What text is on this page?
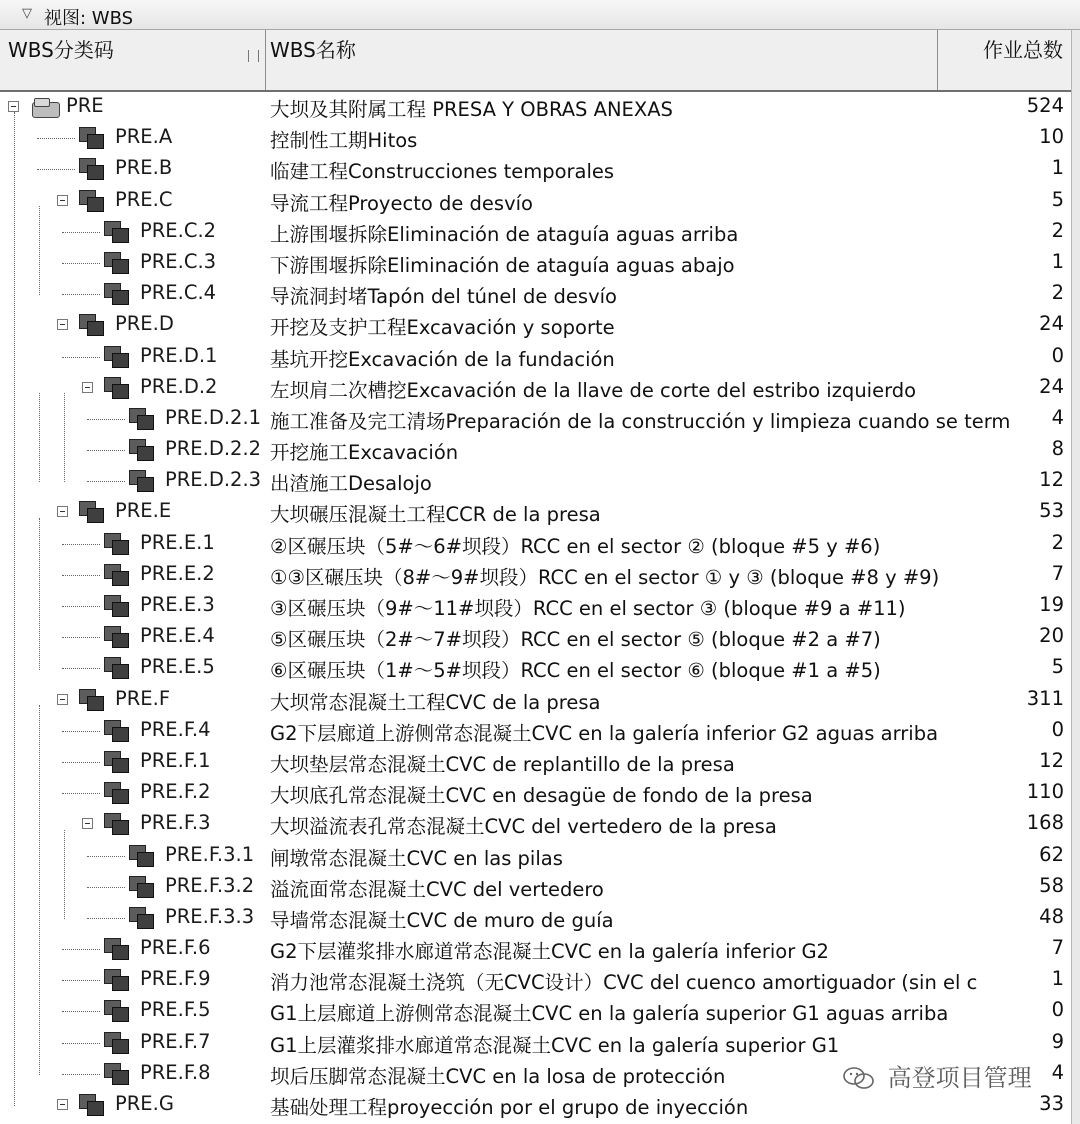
▽ 视图: WBS
WBS分类码	WBS名称	作业总数
PRE	大坝及其附属工程 PRESA Y OBRAS ANEXAS	524
PRE.A	控制性工期Hitos	10
PRE.B	临建工程Construcciones temporales	1
PRE.C	导流工程Proyecto de desvío	5
PRE.C.2	上游围堰拆除Eliminación de ataguía aguas arriba	2
PRE.C.3	下游围堰拆除Eliminación de ataguía aguas abajo	1
PRE.C.4	导流洞封堵Tapón del túnel de desvío	2
PRE.D	开挖及支护工程Excavación y soporte	24
PRE.D.1	基坑开挖Excavación de la fundación	0
PRE.D.2	左坝肩二次槽挖Excavación de la llave de corte del estribo izquierdo	24
PRE.D.2.1 施工准备及完工清场Preparación de la construcción y limpieza cuando se term 4
PRE.D.2.2 开挖施工Excavación	8
PRE.D.2.3 出渣施工Desalojo	12
PRE.E	大坝碾压混凝土工程CCR de la presa	53
PRE.E.1	②区碾压块（5#～6#坝段）RCC en el sector ② (bloque #5 y #6)	2
PRE.E.2	①③区碾压块（8#～9#坝段）RCC en el sector ① y ③ (bloque #8 y #9)	7
PRE.E.3	③区碾压块（9#～11#坝段）RCC en el sector ③ (bloque #9 a #11)	19
PRE.E.4	⑤区碾压块（2#～7#坝段）RCC en el sector ⑤ (bloque #2 a #7)	20
PRE.E.5	⑥区碾压块（1#～5#坝段）RCC en el sector ⑥ (bloque #1 a #5)	5
PRE.F	大坝常态混凝土工程CVC de la presa	311
PRE.F.4	G2下层廊道上游侧常态混凝土CVC en la galería inferior G2 aguas arriba	0
PRE.F.1	大坝垫层常态混凝土CVC de replantillo de la presa	12
PRE.F.2	大坝底孔常态混凝土CVC en desagüe de fondo de la presa	110
PRE.F.3	大坝溢流表孔常态混凝土CVC del vertedero de la presa	168
PRE.F.3.1 闸墩常态混凝土CVC en las pilas	62
PRE.F.3.2 溢流面常态混凝土CVC del vertedero	58
PRE.F.3.3 导墙常态混凝土CVC de muro de guía	48
PRE.F.6	G2下层灌浆排水廊道常态混凝土CVC en la galería inferior G2	7
PRE.F.9	消力池常态混凝土浇筑（无CVC设计）CVC del cuenco amortiguador (sin el c	1
PRE.F.5	G1上层廊道上游侧常态混凝土CVC en la galería superior G1 aguas arriba	0
PRE.F.7	G1上层灌浆排水廊道常态混凝土CVC en la galería superior G1	9
PRE.F.8	坝后压脚常态混凝土CVC en la losa de protección	4
PRE.G	基础处理工程proyección por el grupo de inyección	33
高登项目管理
